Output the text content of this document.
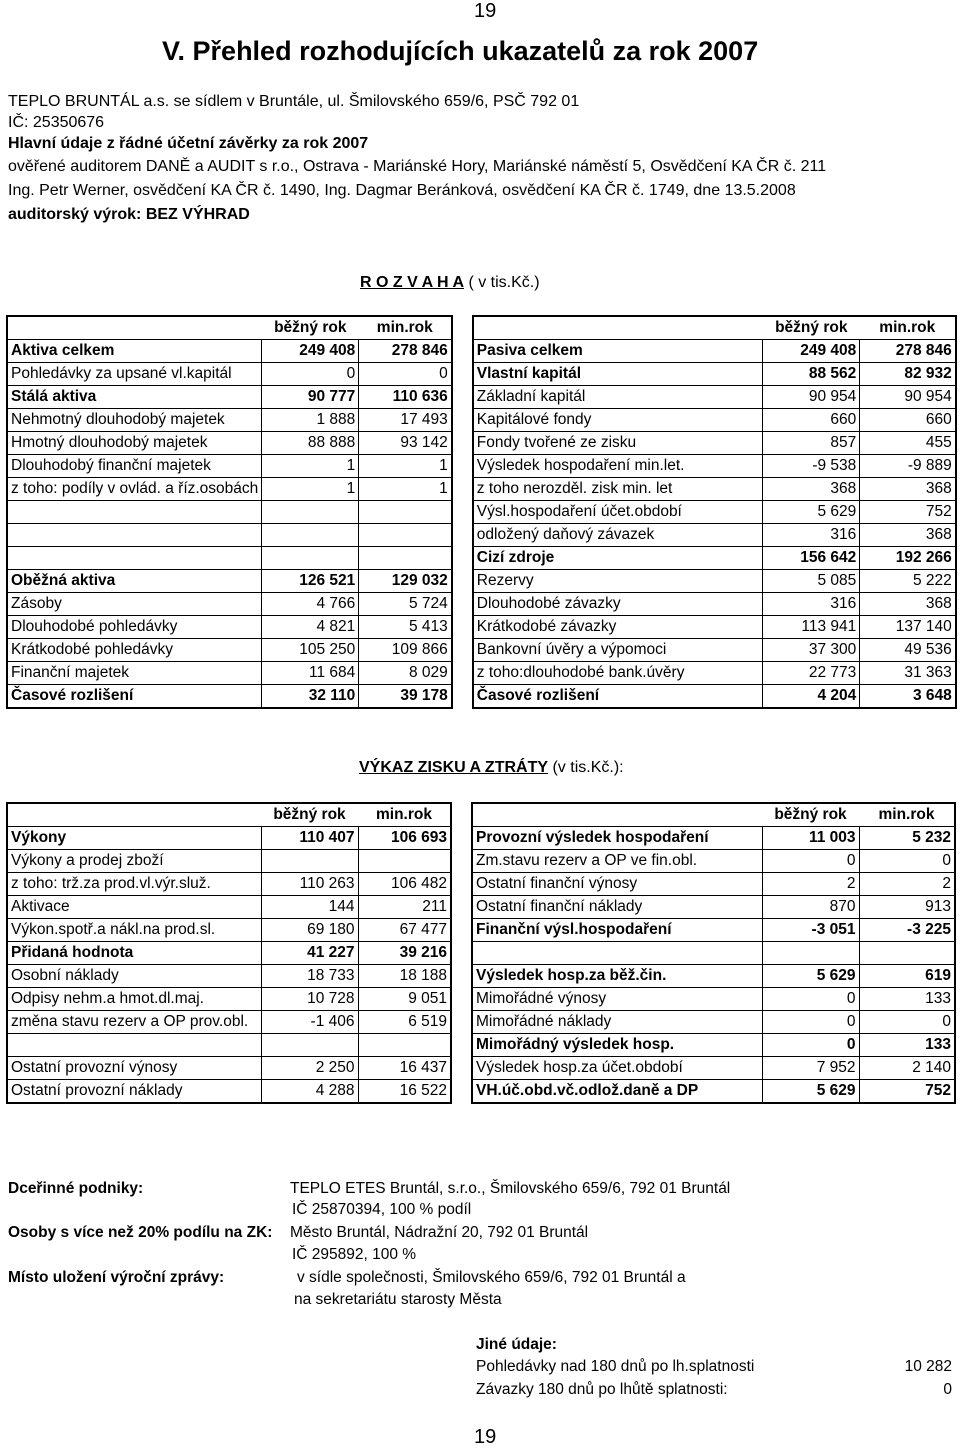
19
V. Přehled rozhodujících ukazatelů za rok 2007
TEPLO BRUNTÁL a.s. se sídlem v Bruntále, ul. Šmilovského 659/6, PSČ 792 01
IČ: 25350676
Hlavní údaje z řádné účetní závěrky za rok 2007
ověřené auditorem DANĚ a AUDIT s r.o., Ostrava - Mariánské Hory, Mariánské náměstí 5, Osvědčení KA ČR č. 211
Ing. Petr Werner, osvědčení KA ČR č. 1490, Ing. Dagmar Beránková, osvědčení KA ČR č. 1749, dne 13.5.2008
auditorský výrok: BEZ VÝHRAD
R O Z V A H A ( v tis.Kč.)
	běžný rok	min.rok			běžný rok	min.rok
Aktiva celkem	249 408	278 846		Pasiva celkem	249 408	278 846
Pohledávky za upsané vl.kapitál	0	0		Vlastní kapitál	88 562	82 932
Stálá aktiva	90 777	110 636		Základní kapitál	90 954	90 954
Nehmotný dlouhodobý majetek	1 888	17 493		Kapitálové fondy	660	660
Hmotný dlouhodobý majetek	88 888	93 142		Fondy tvořené ze zisku	857	455
Dlouhodobý finanční majetek	1	1		Výsledek hospodaření min.let.	-9 538	-9 889
z toho: podíly v ovlád. a říz.osobách	1	1		z toho nerozděl. zisk min. let	368	368
				Výsl.hospodaření účet.období	5 629	752
				odložený daňový závazek	316	368
				Cizí zdroje	156 642	192 266
Oběžná aktiva	126 521	129 032		Rezervy	5 085	5 222
Zásoby	4 766	5 724		Dlouhodobé závazky	316	368
Dlouhodobé pohledávky	4 821	5 413		Krátkodobé závazky	113 941	137 140
Krátkodobé pohledávky	105 250	109 866		Bankovní úvěry a výpomoci	37 300	49 536
Finanční majetek	11 684	8 029		z toho:dlouhodobé bank.úvěry	22 773	31 363
Časové rozlišení	32 110	39 178		Časové rozlišení	4 204	3 648
VÝKAZ ZISKU A ZTRÁTY (v tis.Kč.):
	běžný rok	min.rok			běžný rok	min.rok
Výkony	110 407	106 693		Provozní výsledek hospodaření	11 003	5 232
Výkony a prodej zboží				Zm.stavu rezerv a OP ve fin.obl.	0	0
z toho: trž.za prod.vl.výr.služ.	110 263	106 482		Ostatní finanční výnosy	2	2
Aktivace	144	211		Ostatní finanční náklady	870	913
Výkon.spotř.a nákl.na prod.sl.	69 180	67 477		Finanční výsl.hospodaření	-3 051	-3 225
Přidaná hodnota	41 227	39 216				
Osobní náklady	18 733	18 188		Výsledek hosp.za běž.čin.	5 629	619
Odpisy nehm.a hmot.dl.maj.	10 728	9 051		Mimořádné výnosy	0	133
změna stavu rezerv a OP prov.obl.	-1 406	6 519		Mimořádné náklady	0	0
				Mimořádný výsledek hosp.	0	133
Ostatní provozní výnosy	2 250	16 437		Výsledek hosp.za účet.období	7 952	2 140
Ostatní provozní náklady	4 288	16 522		VH.úč.obd.vč.odlož.daně a DP	5 629	752
Dceřinné podniky:	TEPLO ETES Bruntál, s.r.o., Šmilovského 659/6, 792 01 Bruntál
IČ 25870394, 100 % podíl
Osoby s více než 20% podílu na ZK: Město Bruntál, Nádražní 20, 792 01 Bruntál
IČ 295892, 100 %
Místo uložení výroční zprávy:	v sídle společnosti, Šmilovského 659/6, 792 01 Bruntál a
na sekretariátu starosty Města
Jiné údaje:
Pohledávky nad 180 dnů po lh.splatnosti	10 282
Závazky 180 dnů po lhůtě splatnosti:	0
19
